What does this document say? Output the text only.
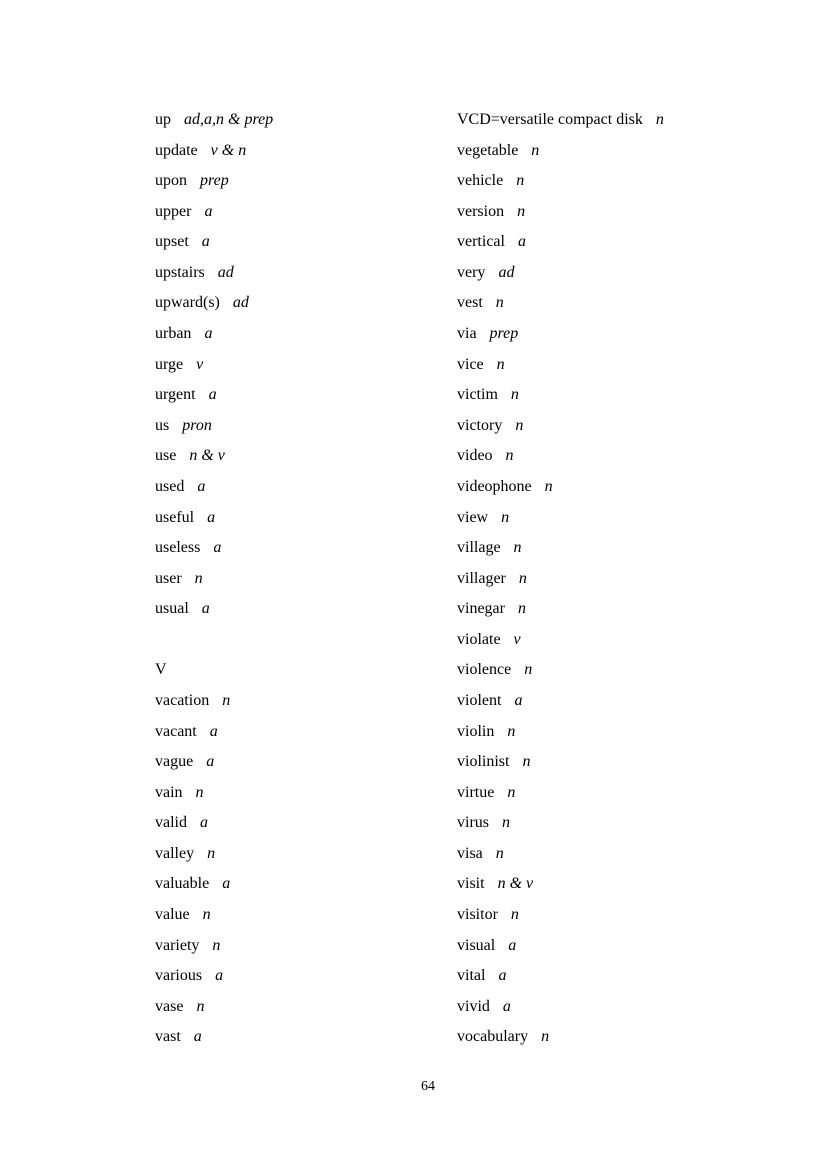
up ad,a,n & prep
update v & n
upon prep
upper a
upset a
upstairs ad
upward(s) ad
urban a
urge v
urgent a
us pron
use n & v
used a
useful a
useless a
user n
usual a
V
vacation n
vacant a
vague a
vain n
valid a
valley n
valuable a
value n
variety n
various a
vase n
vast a
VCD=versatile compact disk n
vegetable n
vehicle n
version n
vertical a
very ad
vest n
via prep
vice n
victim n
victory n
video n
videophone n
view n
village n
villager n
vinegar n
violate v
violence n
violent a
violin n
violinist n
virtue n
virus n
visa n
visit n & v
visitor n
visual a
vital a
vivid a
vocabulary n
64
